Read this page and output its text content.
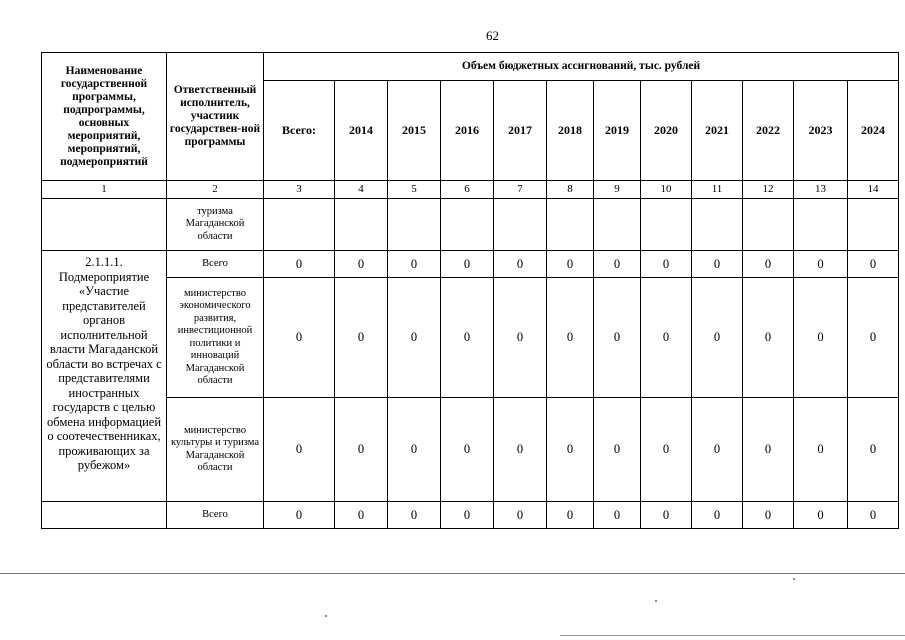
62
Наименование государственной программы, подпрограммы, основных мероприятий, мероприятий, подмероприятий	Ответственный исполнитель, участник государствен-ной программы	Объем бюджетных ассигнований, тыс. рублей											
		Всего:	2014	2015	2016	2017	2018	2019	2020	2021	2022	2023	2024
1	2	3	4	5	6	7	8	9	10	11	12	13	14
	туризма Магаданской области												
2.1.1.1. Подмероприятие «Участие представителей органов исполнительной власти Магаданской области во встречах с представителями иностранных государств с целью обмена информацией о соотечественниках, проживающих за рубежом»	Всего	0	0	0	0	0	0	0	0	0	0	0	0
	министерство экономического развития, инвестиционной политики и инноваций Магаданской области	0	0	0	0	0	0	0	0	0	0	0	0
	министерство культуры и туризма Магаданской области	0	0	0	0	0	0	0	0	0	0	0	0
	Всего	0	0	0	0	0	0	0	0	0	0	0	0
